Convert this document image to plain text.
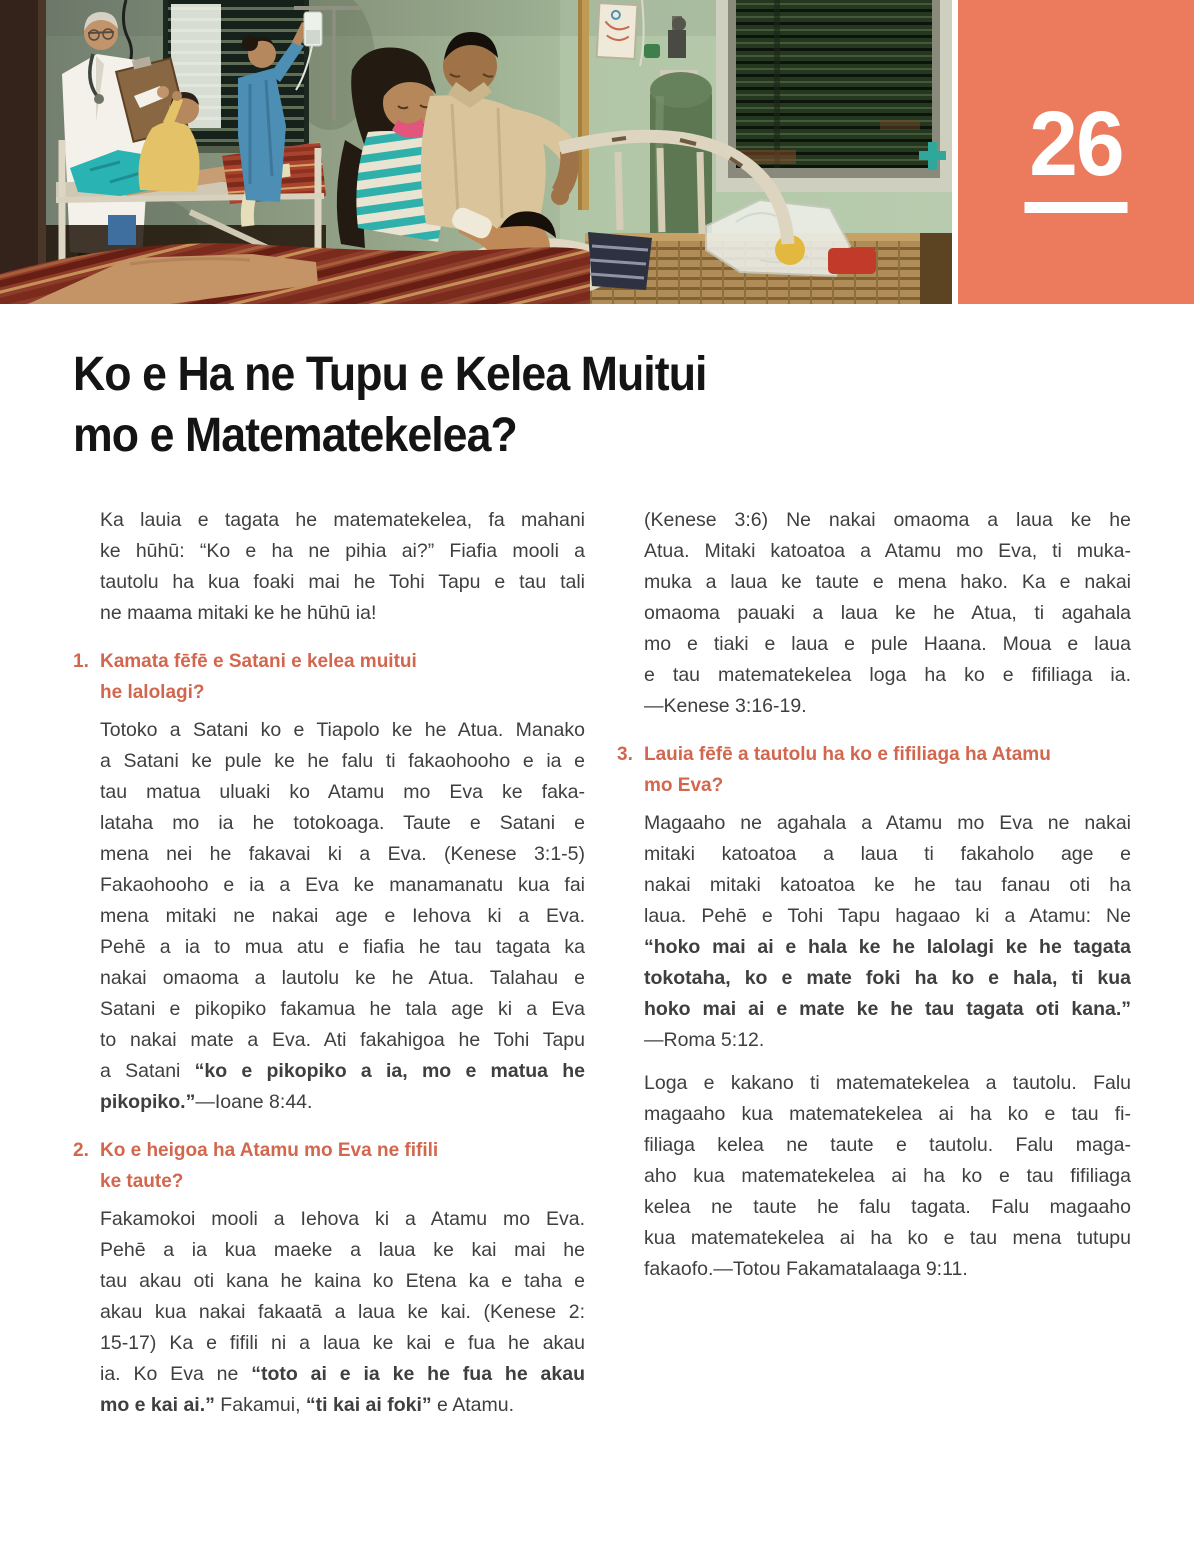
26
Ko e Ha ne Tupu e Kelea Muitui
mo e Matematekelea?
Ka lauia e tagata he matematekelea, fa mahani
ke hūhū: “Ko e ha ne pihia ai?” Fiafia mooli a
tautolu ha kua foaki mai he Tohi Tapu e tau tali
ne maama mitaki ke he hūhū ia!
1. Kamata fēfē e Satani e kelea muitui
he lalolagi?
Totoko a Satani ko e Tiapolo ke he Atua. Manako
a Satani ke pule ke he falu ti fakaohooho e ia e
tau matua uluaki ko Atamu mo Eva ke faka-
lataha mo ia he totokoaga. Taute e Satani e
mena nei he fakavai ki a Eva. (Kenese 3:1-5)
Fakaohooho e ia a Eva ke manamanatu kua fai
mena mitaki ne nakai age e Iehova ki a Eva.
Pehē a ia to mua atu e fiafia he tau tagata ka
nakai omaoma a lautolu ke he Atua. Talahau e
Satani e pikopiko fakamua he tala age ki a Eva
to nakai mate a Eva. Ati fakahigoa he Tohi Tapu
a Satani “ko e pikopiko a ia, mo e matua he
pikopiko.”—Ioane 8:44.
2. Ko e heigoa ha Atamu mo Eva ne fifili
ke taute?
Fakamokoi mooli a Iehova ki a Atamu mo Eva.
Pehē a ia kua maeke a laua ke kai mai he
tau akau oti kana he kaina ko Etena ka e taha e
akau kua nakai fakaatā a laua ke kai. (Kenese 2:
15-17) Ka e fifili ni a laua ke kai e fua he akau
ia. Ko Eva ne “toto ai e ia ke he fua he akau
mo e kai ai.” Fakamui, “ti kai ai foki” e Atamu.
(Kenese 3:6) Ne nakai omaoma a laua ke he
Atua. Mitaki katoatoa a Atamu mo Eva, ti muka-
muka a laua ke taute e mena hako. Ka e nakai
omaoma pauaki a laua ke he Atua, ti agahala
mo e tiaki e laua e pule Haana. Moua e laua
e tau matematekelea loga ha ko e fifiliaga ia.
—Kenese 3:16-19.
3. Lauia fēfē a tautolu ha ko e fifiliaga ha Atamu
mo Eva?
Magaaho ne agahala a Atamu mo Eva ne nakai
mitaki katoatoa a laua ti fakaholo age e
nakai mitaki katoatoa ke he tau fanau oti ha
laua. Pehē e Tohi Tapu hagaao ki a Atamu: Ne
“hoko mai ai e hala ke he lalolagi ke he tagata
tokotaha, ko e mate foki ha ko e hala, ti kua
hoko mai ai e mate ke he tau tagata oti kana.”
—Roma 5:12.
Loga e kakano ti matematekelea a tautolu. Falu
magaaho kua matematekelea ai ha ko e tau fi-
filiaga kelea ne taute e tautolu. Falu maga-
aho kua matematekelea ai ha ko e tau fifiliaga
kelea ne taute he falu tagata. Falu magaaho
kua matematekelea ai ha ko e tau mena tutupu
fakaofo.—Totou Fakamatalaaga 9:11.
